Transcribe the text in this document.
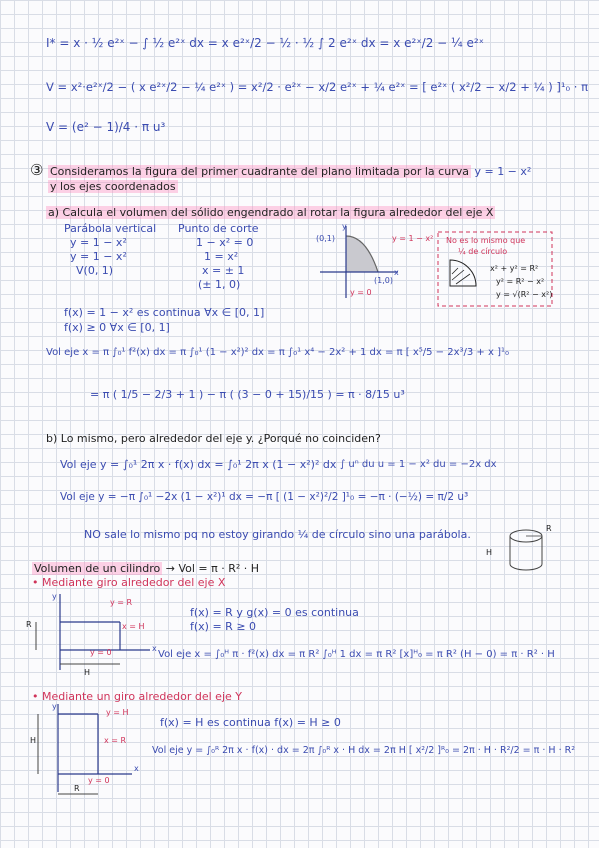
I* = x · ½ e²ˣ − ∫ ½ e²ˣ dx = x e²ˣ/2 − ½ · ½ ∫ 2 e²ˣ dx = x e²ˣ/2 − ¼ e²ˣ
V = x²·e²ˣ/2 − ( x e²ˣ/2 − ¼ e²ˣ ) = x²/2 · e²ˣ − x/2 e²ˣ + ¼ e²ˣ = [ e²ˣ ( x²/2 − x/2 + ¼ ) ]¹₀ · π
V = (e² − 1)/4 · π u³
③ Consideramos la figura del primer cuadrante del plano limitada por la curva y = 1 − x²
y los ejes coordenados
a) Calcula el volumen del sólido engendrado al rotar la figura alrededor del eje X
Parábola vertical
y = 1 − x²
y = 1 − x²
V(0, 1)
Punto de corte
1 − x² = 0
1 = x²
x = ± 1
(± 1, 0)
(0,1)
(1,0)
x
y
y = 1 − x²
y = 0
No es lo mismo que
¼ de círculo
x² + y² = R²
y² = R² − x²
y = √(R² − x²)
f(x) = 1 − x² es continua ∀x ∈ [0, 1]
f(x) ≥ 0 ∀x ∈ [0, 1]
Vol eje x = π ∫₀¹ f²(x) dx = π ∫₀¹ (1 − x²)² dx = π ∫₀¹ x⁴ − 2x² + 1 dx = π [ x⁵/5 − 2x³/3 + x ]¹₀
= π ( 1/5 − 2/3 + 1 ) − π ( (3 − 0 + 15)/15 ) = π · 8/15 u³
b) Lo mismo, pero alrededor del eje y. ¿Porqué no coinciden?
Vol eje y = ∫₀¹ 2π x · f(x) dx = ∫₀¹ 2π x (1 − x²)² dx ∫ uⁿ du u = 1 − x² du = −2x dx
Vol eje y = −π ∫₀¹ −2x (1 − x²)¹ dx = −π [ (1 − x²)²/2 ]¹₀ = −π · (−½) = π/2 u³
NO sale lo mismo pq no estoy girando ¼ de círculo sino una parábola.	R
H
Volumen de un cilindro → Vol = π · R² · H
• Mediante giro alrededor del eje X
y
x
R
H
y = R
x = H
y = 0
f(x) = R y g(x) = 0 es continua
f(x) = R ≥ 0
Vol eje x = ∫₀ᴴ π · f²(x) dx = π R² ∫₀ᴴ 1 dx = π R² [x]ᴴ₀ = π R² (H − 0) = π · R² · H
• Mediante un giro alrededor del eje Y
y
x
H
R
y = H
x = R
y = 0
f(x) = H es continua f(x) = H ≥ 0
Vol eje y = ∫₀ᴿ 2π x · f(x) · dx = 2π ∫₀ᴿ x · H dx = 2π H [ x²/2 ]ᴿ₀ = 2π · H · R²/2 = π · H · R²
